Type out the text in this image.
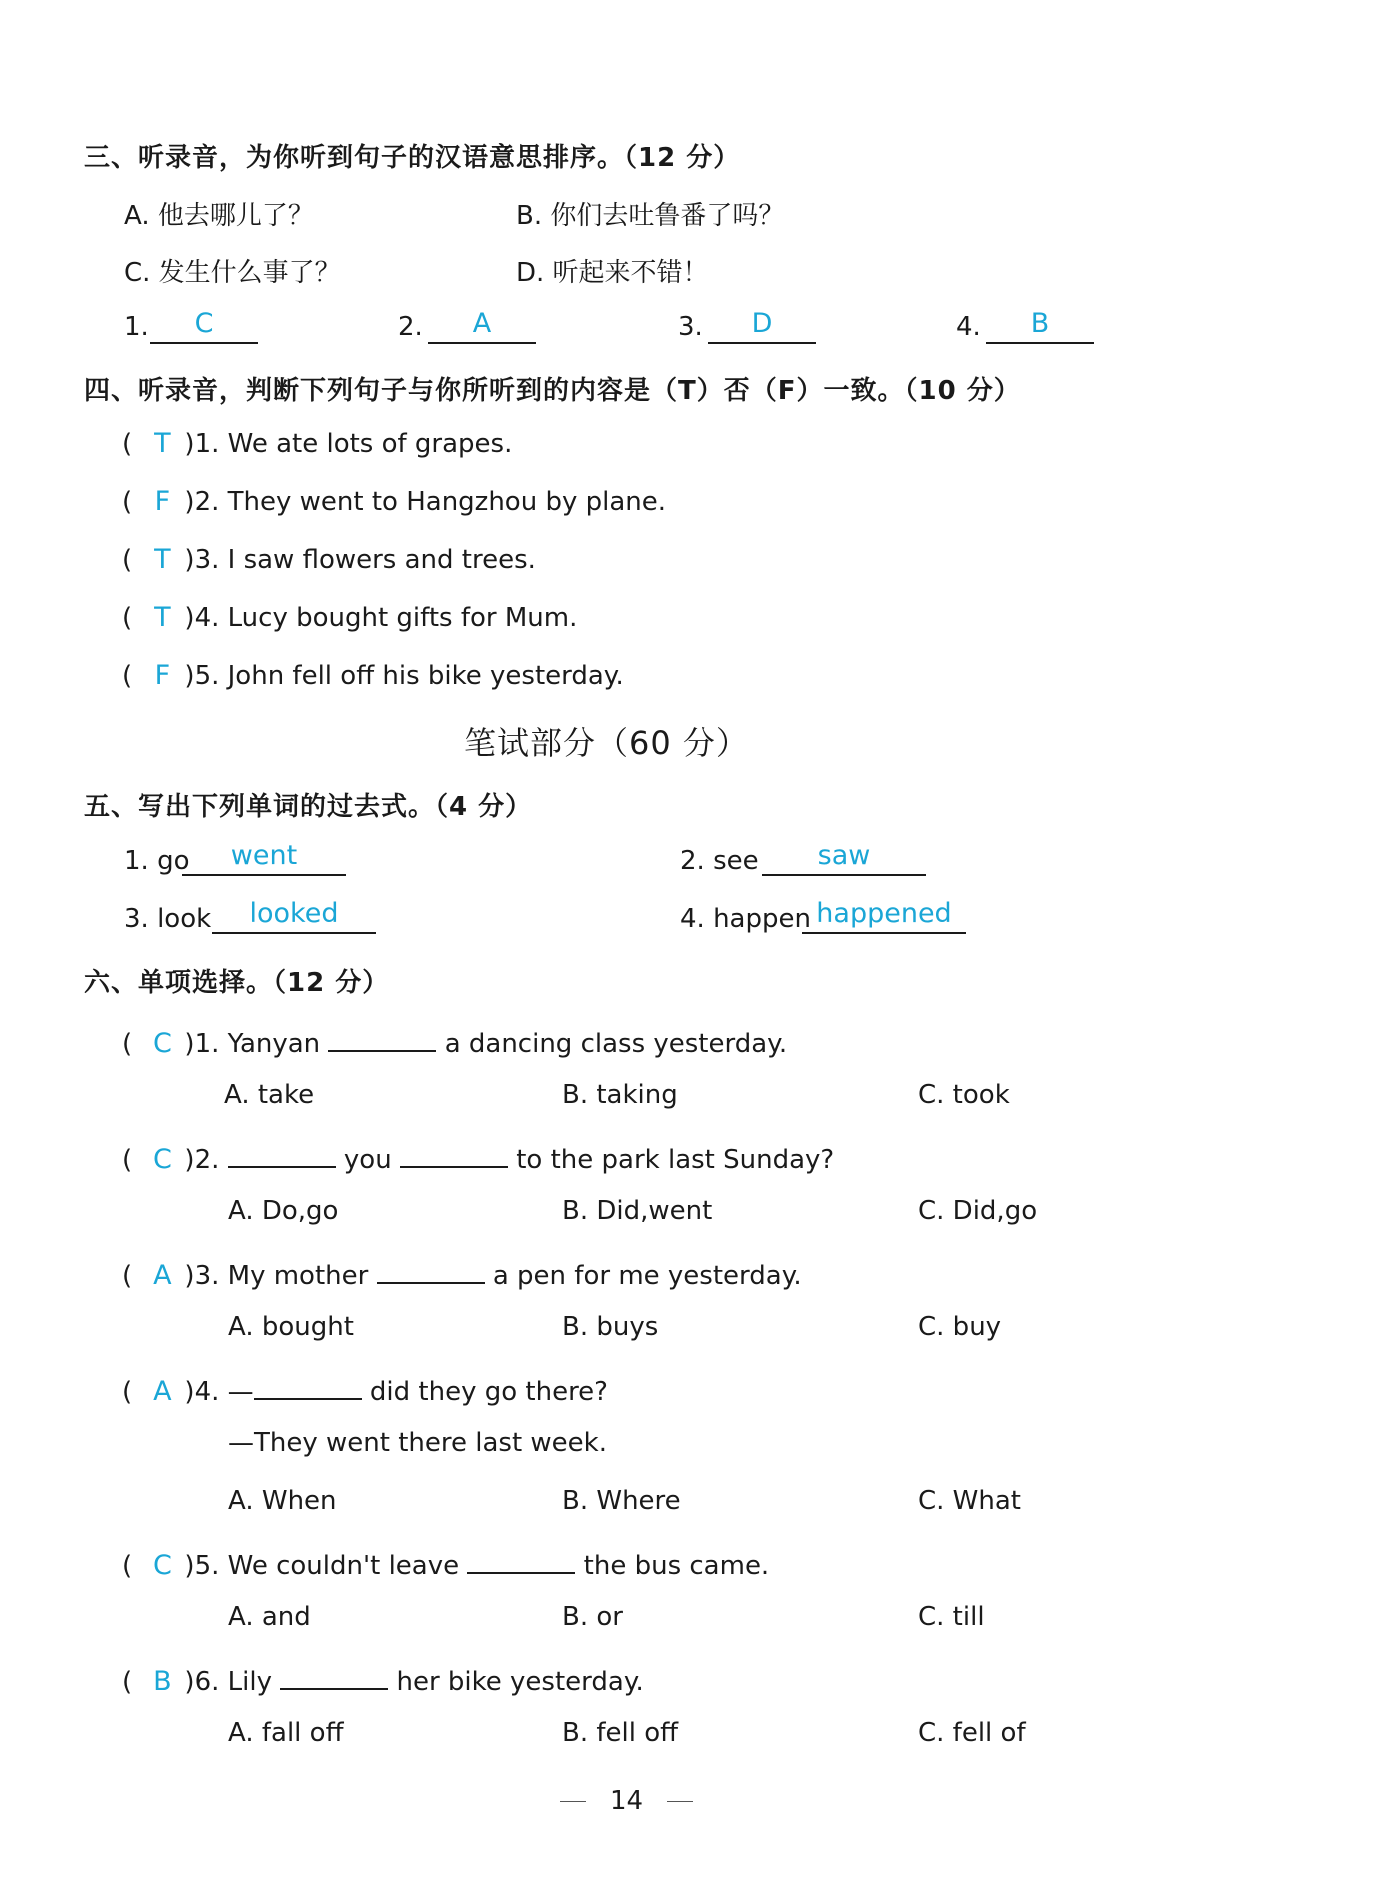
三、听录音，为你听到句子的汉语意思排序。（12 分）
A. 他去哪儿了？	B. 你们去吐鲁番了吗？
C. 发生什么事了？	D. 听起来不错！
1.	C	2.	A	3.	D	4.	B
四、听录音，判断下列句子与你所听到的内容是（T）否（F）一致。（10 分）
( T )1. We ate lots of grapes.
( F )2. They went to Hangzhou by plane.
( T )3. I saw flowers and trees.
( T )4. Lucy bought gifts for Mum.
( F )5. John fell off his bike yesterday.
笔试部分（60 分）
五、写出下列单词的过去式。（4 分）
1. go	went	2. see	saw
3. look	looked	4. happen happened
六、单项选择。（12 分）
( C )1. Yanyan	a dancing class yesterday.
A. take	B. taking	C. took
( C )2.	you	to the park last Sunday?
A. Do,go	B. Did,went	C. Did,go
( A )3. My mother	a pen for me yesterday.
A. bought	B. buys	C. buy
( A )4. —	did they go there?
—They went there last week.
A. When	B. Where	C. What
( C )5. We couldn't leave	the bus came.
A. and	B. or	C. till
( B )6. Lily	her bike yesterday.
A. fall off	B. fell off	C. fell of
14
